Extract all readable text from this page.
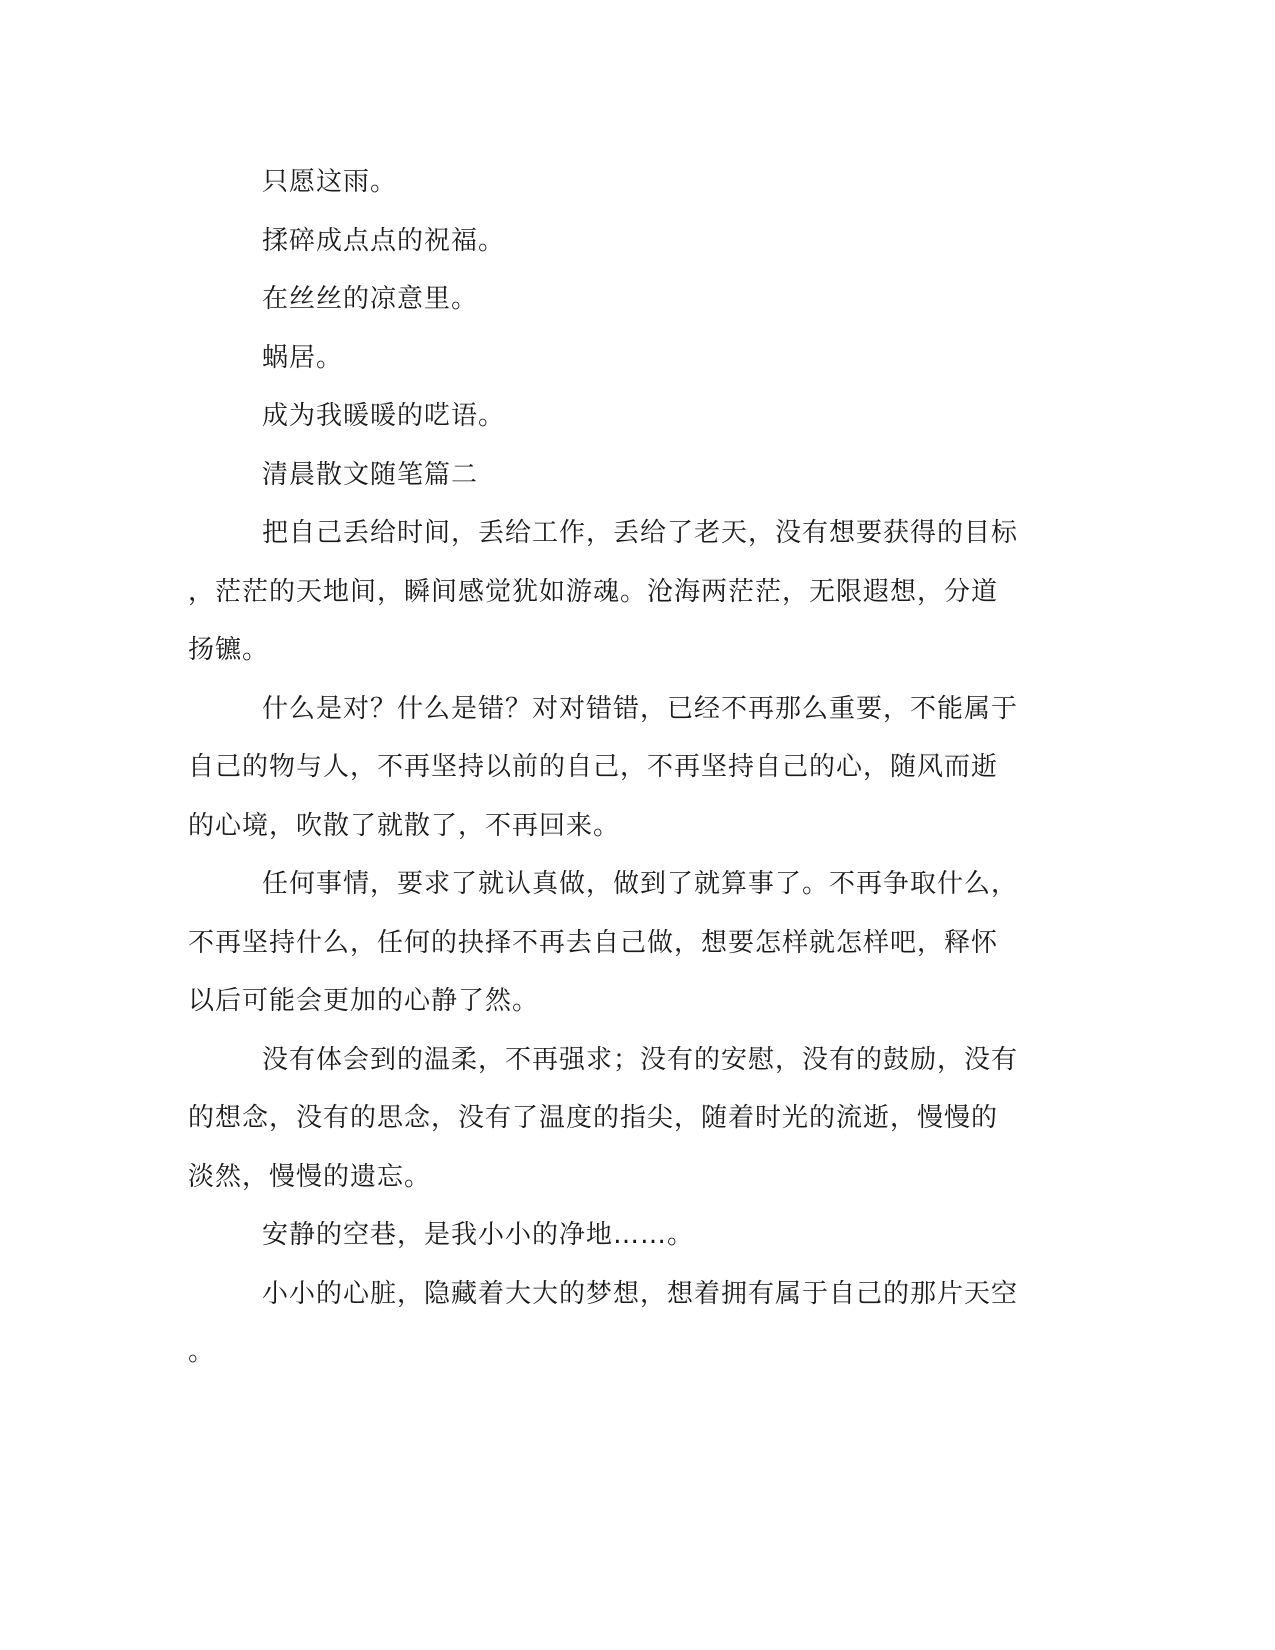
只愿这雨。
揉碎成点点的祝福。
在丝丝的凉意里。
蜗居。
成为我暖暖的呓语。
清晨散文随笔篇二
把自己丢给时间，丢给工作，丢给了老天，没有想要获得的目标
，茫茫的天地间，瞬间感觉犹如游魂。沧海两茫茫，无限遐想，分道
扬镳。
什么是对？什么是错？对对错错，已经不再那么重要，不能属于
自己的物与人，不再坚持以前的自己，不再坚持自己的心，随风而逝
的心境，吹散了就散了，不再回来。
任何事情，要求了就认真做，做到了就算事了。不再争取什么，
不再坚持什么，任何的抉择不再去自己做，想要怎样就怎样吧，释怀
以后可能会更加的心静了然。
没有体会到的温柔，不再强求；没有的安慰，没有的鼓励，没有
的想念，没有的思念，没有了温度的指尖，随着时光的流逝，慢慢的
淡然，慢慢的遗忘。
安静的空巷，是我小小的净地……。
小小的心脏，隐藏着大大的梦想，想着拥有属于自己的那片天空
。
